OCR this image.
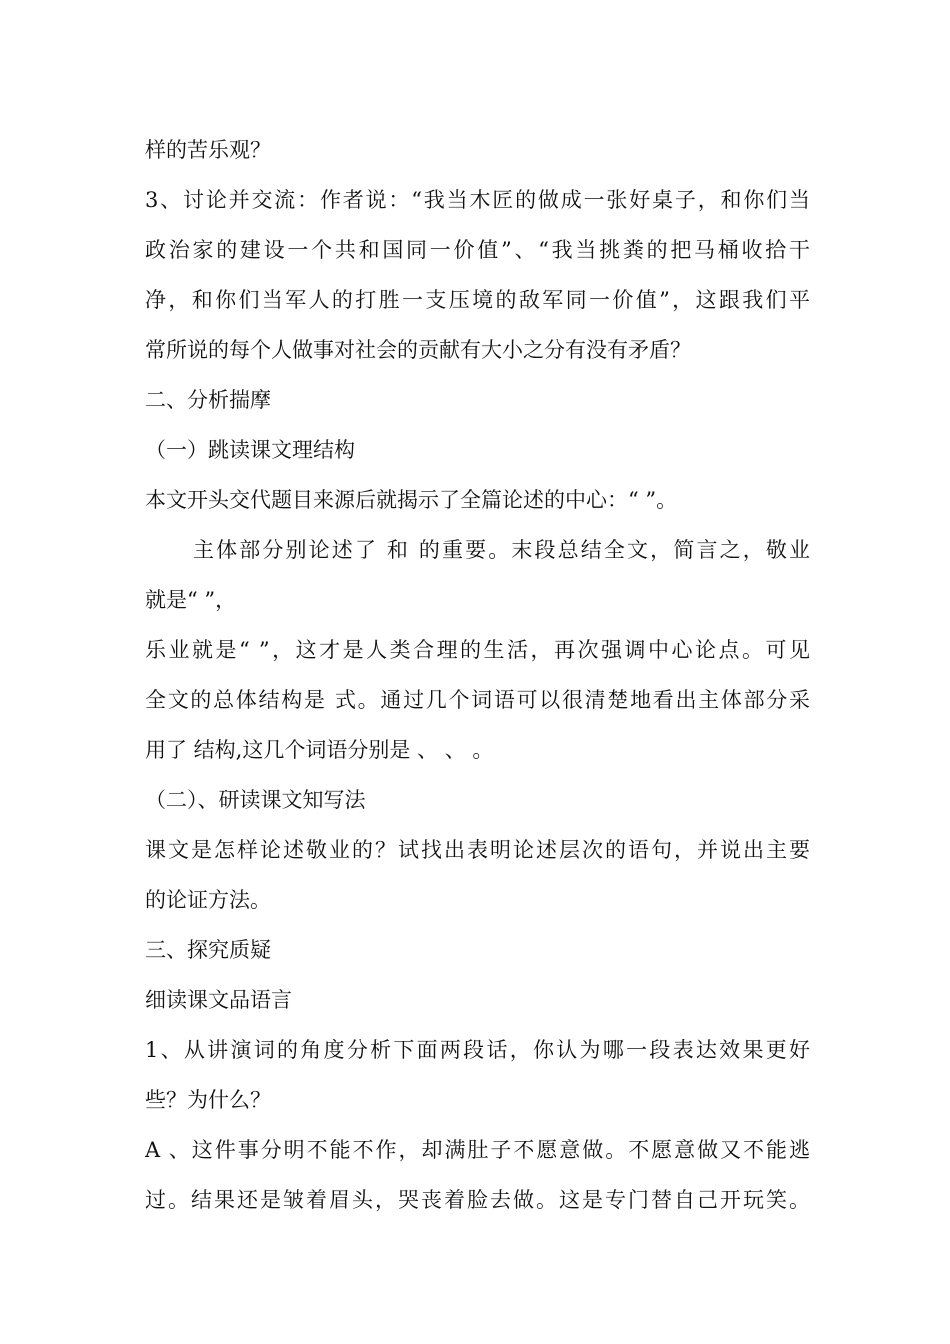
样的苦乐观？
3、讨论并交流：作者说：“我当木匠的做成一张好桌子，和你们当
政治家的建设一个共和国同一价值”、“我当挑粪的把马桶收拾干
净，和你们当军人的打胜一支压境的敌军同一价值”，这跟我们平
常所说的每个人做事对社会的贡献有大小之分有没有矛盾？
二、分析揣摩
（一）跳读课文理结构
本文开头交代题目来源后就揭示了全篇论述的中心：“ ”。
主体部分别论述了 和 的重要。末段总结全文，简言之，敬业
就是“ ”，
乐业就是“ ”，这才是人类合理的生活，再次强调中心论点。可见
全文的总体结构是 式。通过几个词语可以很清楚地看出主体部分采
用了 结构,这几个词语分别是 、 、 。
（二）、研读课文知写法
课文是怎样论述敬业的？试找出表明论述层次的语句，并说出主要
的论证方法。
三、探究质疑
细读课文品语言
1、从讲演词的角度分析下面两段话，你认为哪一段表达效果更好
些？为什么？
A 、这件事分明不能不作，却满肚子不愿意做。不愿意做又不能逃
过。结果还是皱着眉头，哭丧着脸去做。这是专门替自己开玩笑。
